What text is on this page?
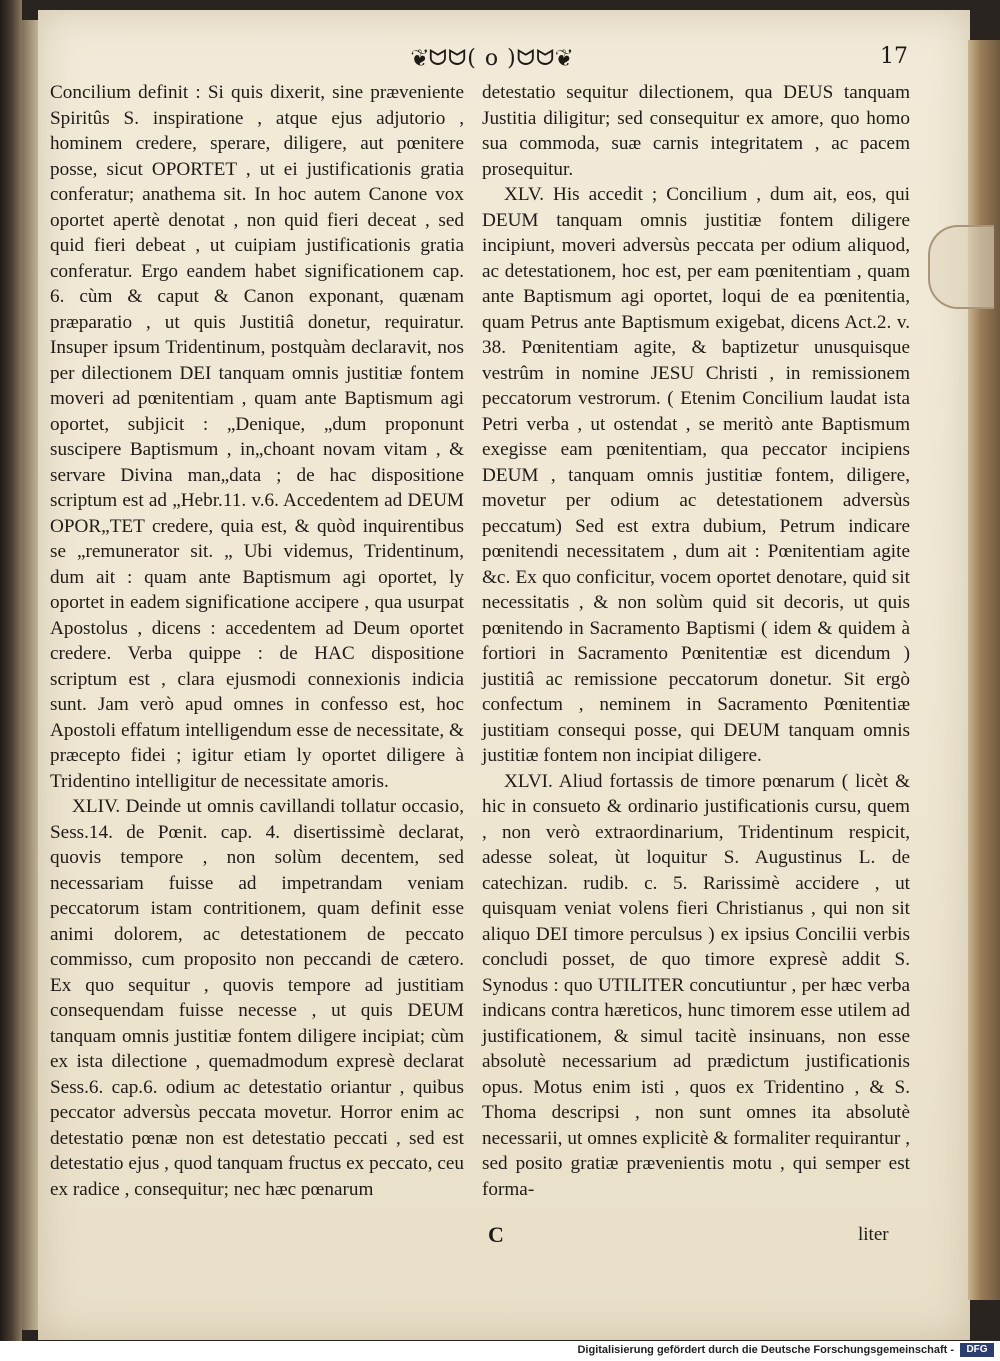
❦ᗢᗢ( o )ᗢᗢ❦	17

Concilium definit : Si quis dixerit, sine præveniente Spiritûs S. inspiratione , atque ejus adjutorio , hominem credere, sperare, diligere, aut pœnitere posse, sicut OPORTET , ut ei justificationis gratia conferatur; anathema sit. In hoc autem Canone vox oportet apertè denotat , non quid fieri deceat , sed quid fieri debeat , ut cuipiam justificationis gratia conferatur. Ergo eandem habet significationem cap. 6. cùm & caput & Canon exponant, quænam præparatio , ut quis Justitiâ donetur, requiratur. Insuper ipsum Tridentinum, postquàm declaravit, nos per dilectionem DEI tanquam omnis justitiæ fontem moveri ad pœnitentiam , quam ante Baptismum agi oportet, subjicit : „Denique, „dum proponunt suscipere Baptismum , in„choant novam vitam , & servare Divina man„data ; de hac dispositione scriptum est ad „Hebr.11. v.6. Accedentem ad DEUM OPOR„TET credere, quia est, & quòd inquirentibus se „remunerator sit. „ Ubi videmus, Tridentinum, dum ait : quam ante Baptismum agi oportet, ly oportet in eadem significatione accipere , qua usurpat Apostolus , dicens : accedentem ad Deum oportet credere. Verba quippe : de HAC dispositione scriptum est , clara ejusmodi connexionis indicia sunt. Jam verò apud omnes in confesso est, hoc Apostoli effatum intelligendum esse de necessitate, & præcepto fidei ; igitur etiam ly oportet diligere à Tridentino intelligitur de necessitate amoris.

XLIV. Deinde ut omnis cavillandi tollatur occasio, Sess.14. de Pœnit. cap. 4. disertissimè declarat, quovis tempore , non solùm decentem, sed necessariam fuisse ad impetrandam veniam peccatorum istam contritionem, quam definit esse animi dolorem, ac detestationem de peccato commisso, cum proposito non peccandi de cætero. Ex quo sequitur , quovis tempore ad justitiam consequendam fuisse necesse , ut quis DEUM tanquam omnis justitiæ fontem diligere incipiat; cùm ex ista dilectione , quemadmodum expresè declarat Sess.6. cap.6. odium ac detestatio oriantur , quibus peccator adversùs peccata movetur. Horror enim ac detestatio pœnæ non est detestatio peccati , sed est detestatio ejus , quod tanquam fructus ex peccato, ceu ex radice , consequitur; nec hæc pœnarum

detestatio sequitur dilectionem, qua DEUS tanquam Justitia diligitur; sed consequitur ex amore, quo homo sua commoda, suæ carnis integritatem , ac pacem prosequitur.

XLV. His accedit ; Concilium , dum ait, eos, qui DEUM tanquam omnis justitiæ fontem diligere incipiunt, moveri adversùs peccata per odium aliquod, ac detestationem, hoc est, per eam pœnitentiam , quam ante Baptismum agi oportet, loqui de ea pœnitentia, quam Petrus ante Baptismum exigebat, dicens Act.2. v. 38. Pœnitentiam agite, & baptizetur unusquisque vestrûm in nomine JESU Christi , in remissionem peccatorum vestrorum. ( Etenim Concilium laudat ista Petri verba , ut ostendat , se meritò ante Baptismum exegisse eam pœnitentiam, qua peccator incipiens DEUM , tanquam omnis justitiæ fontem, diligere, movetur per odium ac detestationem adversùs peccatum) Sed est extra dubium, Petrum indicare pœnitendi necessitatem , dum ait : Pœnitentiam agite &c. Ex quo conficitur, vocem oportet denotare, quid sit necessitatis , & non solùm quid sit decoris, ut quis pœnitendo in Sacramento Baptismi ( idem & quidem à fortiori in Sacramento Pœnitentiæ est dicendum ) justitiâ ac remissione peccatorum donetur. Sit ergò confectum , neminem in Sacramento Pœnitentiæ justitiam consequi posse, qui DEUM tanquam omnis justitiæ fontem non incipiat diligere.

XLVI. Aliud fortassis de timore pœnarum ( licèt & hic in consueto & ordinario justificationis cursu, quem , non verò extraordinarium, Tridentinum respicit, adesse soleat, ùt loquitur S. Augustinus L. de catechizan. rudib. c. 5. Rarissimè accidere , ut quisquam veniat volens fieri Christianus , qui non sit aliquo DEI timore perculsus ) ex ipsius Concilii verbis concludi posset, de quo timore expresè addit S. Synodus : quo UTILITER concutiuntur , per hæc verba indicans contra hæreticos, hunc timorem esse utilem ad justificationem, & simul tacitè insinuans, non esse absolutè necessarium ad prædictum justificationis opus. Motus enim isti , quos ex Tridentino , & S. Thoma descripsi , non sunt omnes ita absolutè necessarii, ut omnes explicitè & formaliter requirantur , sed posito gratiæ prævenientis motu , qui semper est forma-

C	liter
Digitalisierung gefördert durch die Deutsche Forschungsgemeinschaft -	DFG
